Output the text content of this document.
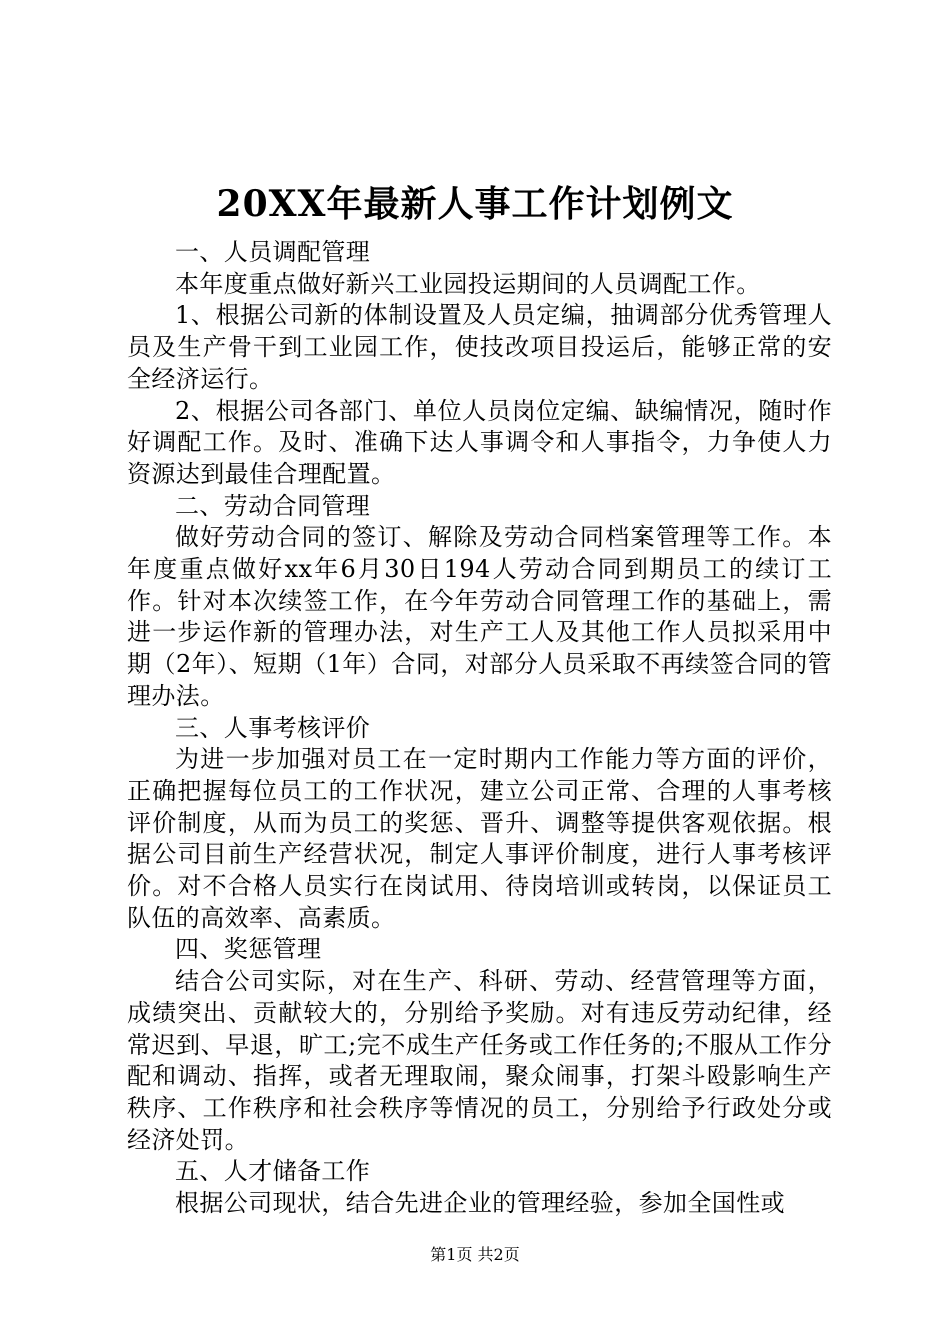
20XX年最新人事工作计划例文

一、人员调配管理

本年度重点做好新兴工业园投运期间的人员调配工作。

1、根据公司新的体制设置及人员定编，抽调部分优秀管理人员及生产骨干到工业园工作，使技改项目投运后，能够正常的安全经济运行。

2、根据公司各部门、单位人员岗位定编、缺编情况，随时作好调配工作。及时、准确下达人事调令和人事指令，力争使人力资源达到最佳合理配置。

二、劳动合同管理

做好劳动合同的签订、解除及劳动合同档案管理等工作。本年度重点做好xx年6月30日194人劳动合同到期员工的续订工作。针对本次续签工作，在今年劳动合同管理工作的基础上，需进一步运作新的管理办法，对生产工人及其他工作人员拟采用中期（2年）、短期（1年）合同，对部分人员采取不再续签合同的管理办法。

三、人事考核评价

为进一步加强对员工在一定时期内工作能力等方面的评价，正确把握每位员工的工作状况，建立公司正常、合理的人事考核评价制度，从而为员工的奖惩、晋升、调整等提供客观依据。根据公司目前生产经营状况，制定人事评价制度，进行人事考核评价。对不合格人员实行在岗试用、待岗培训或转岗，以保证员工队伍的高效率、高素质。

四、奖惩管理

结合公司实际，对在生产、科研、劳动、经营管理等方面，成绩突出、贡献较大的，分别给予奖励。对有违反劳动纪律，经常迟到、早退，旷工;完不成生产任务或工作任务的;不服从工作分配和调动、指挥，或者无理取闹，聚众闹事，打架斗殴影响生产秩序、工作秩序和社会秩序等情况的员工，分别给予行政处分或经济处罚。

五、人才储备工作

根据公司现状，结合先进企业的管理经验，参加全国性或

第1页 共2页
